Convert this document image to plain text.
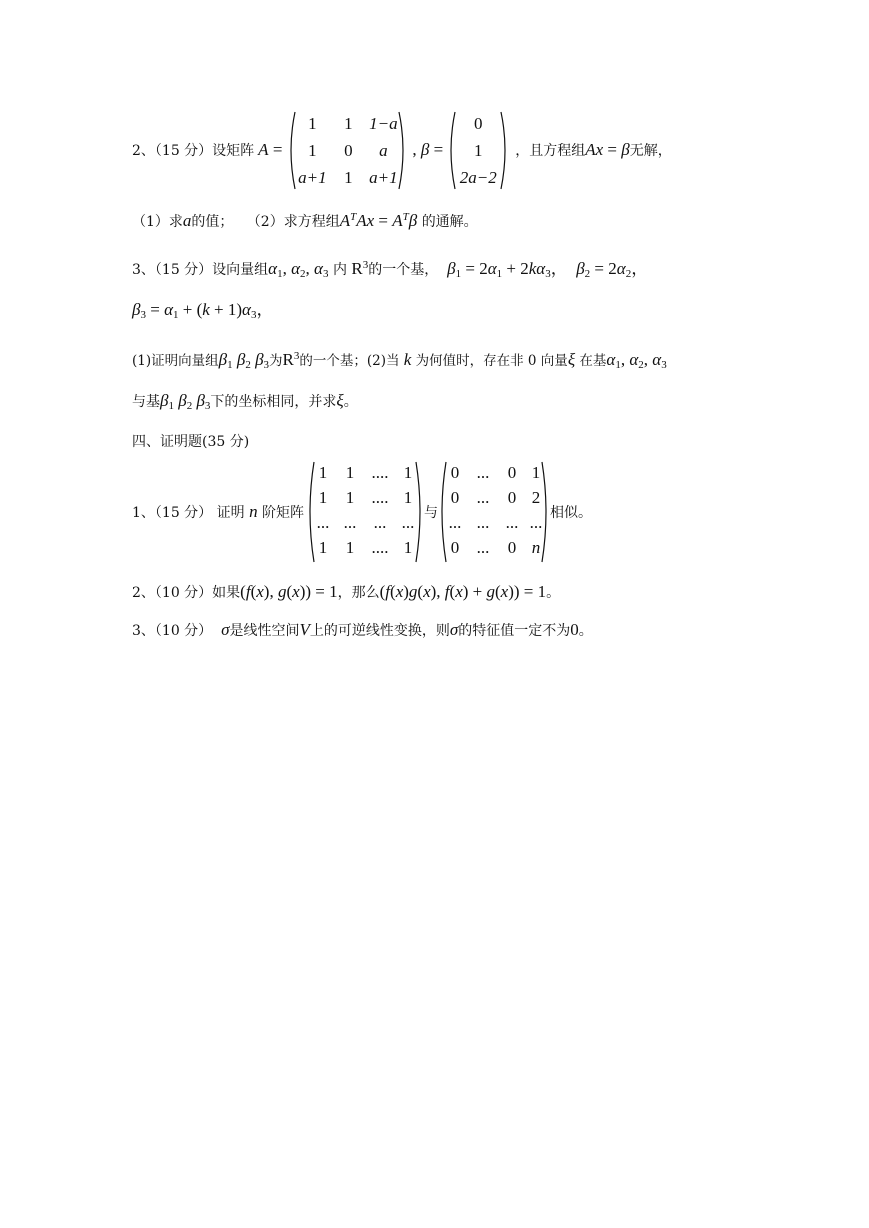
2、（15 分）设矩阵 A =
1	1 1−a
1	0	a
a+1	1 a+1
, β =
0
1
2a−2
，且方程组 Ax = β 无解，
（1）求a的值； （2）求方程组$A^TAx = A^T\beta$ 的通解。
3、（15 分）设向量组$\alpha_1$, $\alpha_2$, $\alpha_3$ 内 $R^3$的一个基， $\beta_1 = 2\alpha_1 + 2k\alpha_3$，  $\beta_2 = 2\alpha_2$，
$\beta_3 = \alpha_1 + (k + 1)\alpha_3$，
(1)证明向量组$\beta_1$ $\beta_2$ $\beta_3$为$R^3$的一个基；(2)当 k 为何值时，存在非 0 向量ξ 在基$\alpha_1$, $\alpha_2$, $\alpha_3$
与基$\beta_1$ $\beta_2$ $\beta_3$下的坐标相同，并求ξ。
四、证明题(35 分)
1、（15 分） 证明
n
阶矩阵
1	1	.... 1
1	1	.... 1
... ...	... ...
1	1	.... 1
与
0	...	0 1
0	...	0 2
... ... ... ...
0	...	0 n
相似。
2、（10 分）如果(f(x), g(x)) = 1，那么(f(x)g(x), f(x) + g(x)) = 1。
3、（10 分） σ是线性空间V上的可逆线性变换，则σ的特征值一定不为0。
